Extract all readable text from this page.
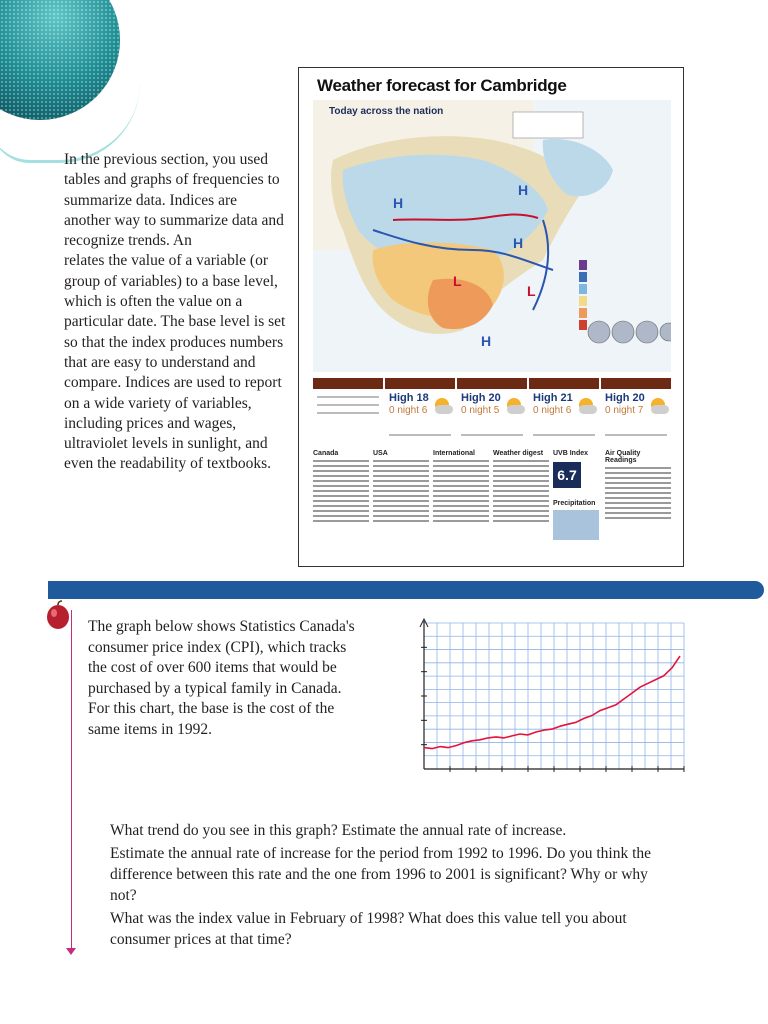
In the previous section, you used tables and graphs of frequencies to summarize data. Indices are another way to summarize data and recognize trends. An  relates the value of a variable (or group of variables) to a base level, which is often the value on a particular date. The base level is set so that the index produces numbers that are easy to understand and compare. Indices are used to report on a wide variety of variables, including prices and wages, ultraviolet levels in sunlight, and even the readability of textbooks.

Weather forecast for Cambridge
H
H
L
L
H
H
Today across the nation
High 18
0 night 6
High 20
0 night 5
High 21
0 night 6
High 20
0 night 7
Canada	USA	International	Weather digest	UVB Index
6.7
Precipitation
Air Quality Readings

The graph below shows Statistics Canada's consumer price index (CPI), which tracks the cost of over 600 items that would be purchased by a typical family in Canada. For this chart, the base is the cost of the same items in 1992.

What trend do you see in this graph? Estimate the annual rate of increase.

Estimate the annual rate of increase for the period from 1992 to 1996. Do you think the difference between this rate and the one from 1996 to 2001 is significant? Why or why not?

What was the index value in February of 1998? What does this value tell you about consumer prices at that time?
